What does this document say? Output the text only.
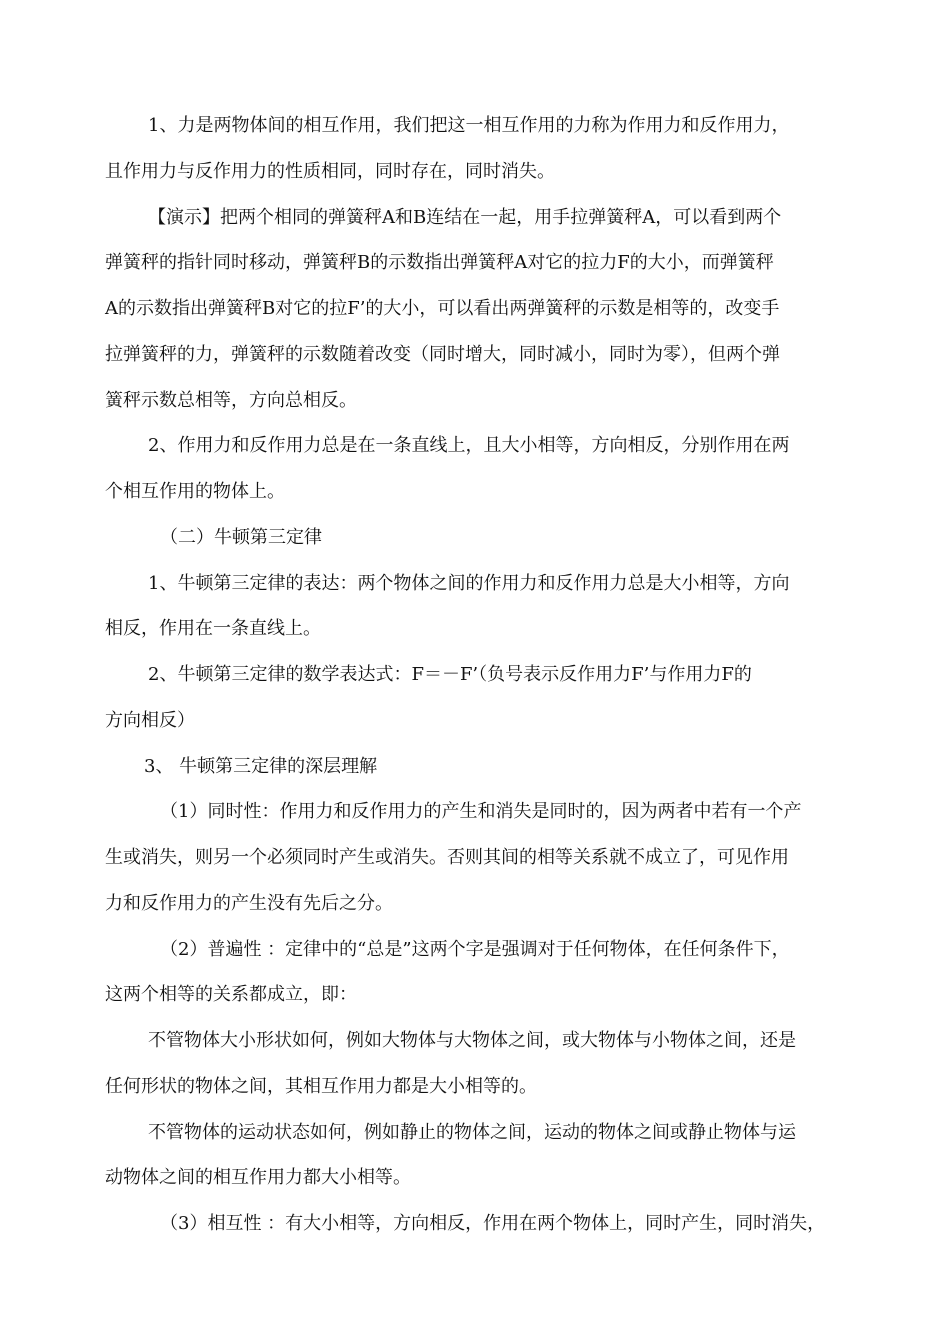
1、力是两物体间的相互作用，我们把这一相互作用的力称为作用力和反作用力，
且作用力与反作用力的性质相同，同时存在，同时消失。
【演示】把两个相同的弹簧秤A和B连结在一起，用手拉弹簧秤A，可以看到两个
弹簧秤的指针同时移动，弹簧秤B的示数指出弹簧秤A对它的拉力F的大小，而弹簧秤
A的示数指出弹簧秤B对它的拉F’的大小，可以看出两弹簧秤的示数是相等的，改变手
拉弹簧秤的力，弹簧秤的示数随着改变（同时增大，同时减小，同时为零），但两个弹
簧秤示数总相等，方向总相反。
2、作用力和反作用力总是在一条直线上，且大小相等，方向相反，分别作用在两
个相互作用的物体上。
（二）牛顿第三定律
1、牛顿第三定律的表达：两个物体之间的作用力和反作用力总是大小相等，方向
相反，作用在一条直线上。
2、牛顿第三定律的数学表达式：F＝－F’（负号表示反作用力F’与作用力F的
方向相反）
3、 牛顿第三定律的深层理解
（1）同时性：作用力和反作用力的产生和消失是同时的，因为两者中若有一个产
生或消失，则另一个必须同时产生或消失。否则其间的相等关系就不成立了，可见作用
力和反作用力的产生没有先后之分。
（2）普遍性 ：定律中的“总是”这两个字是强调对于任何物体，在任何条件下，
这两个相等的关系都成立，即：
不管物体大小形状如何，例如大物体与大物体之间，或大物体与小物体之间，还是
任何形状的物体之间，其相互作用力都是大小相等的。
不管物体的运动状态如何，例如静止的物体之间，运动的物体之间或静止物体与运
动物体之间的相互作用力都大小相等。
（3）相互性 ：有大小相等，方向相反，作用在两个物体上，同时产生，同时消失，
